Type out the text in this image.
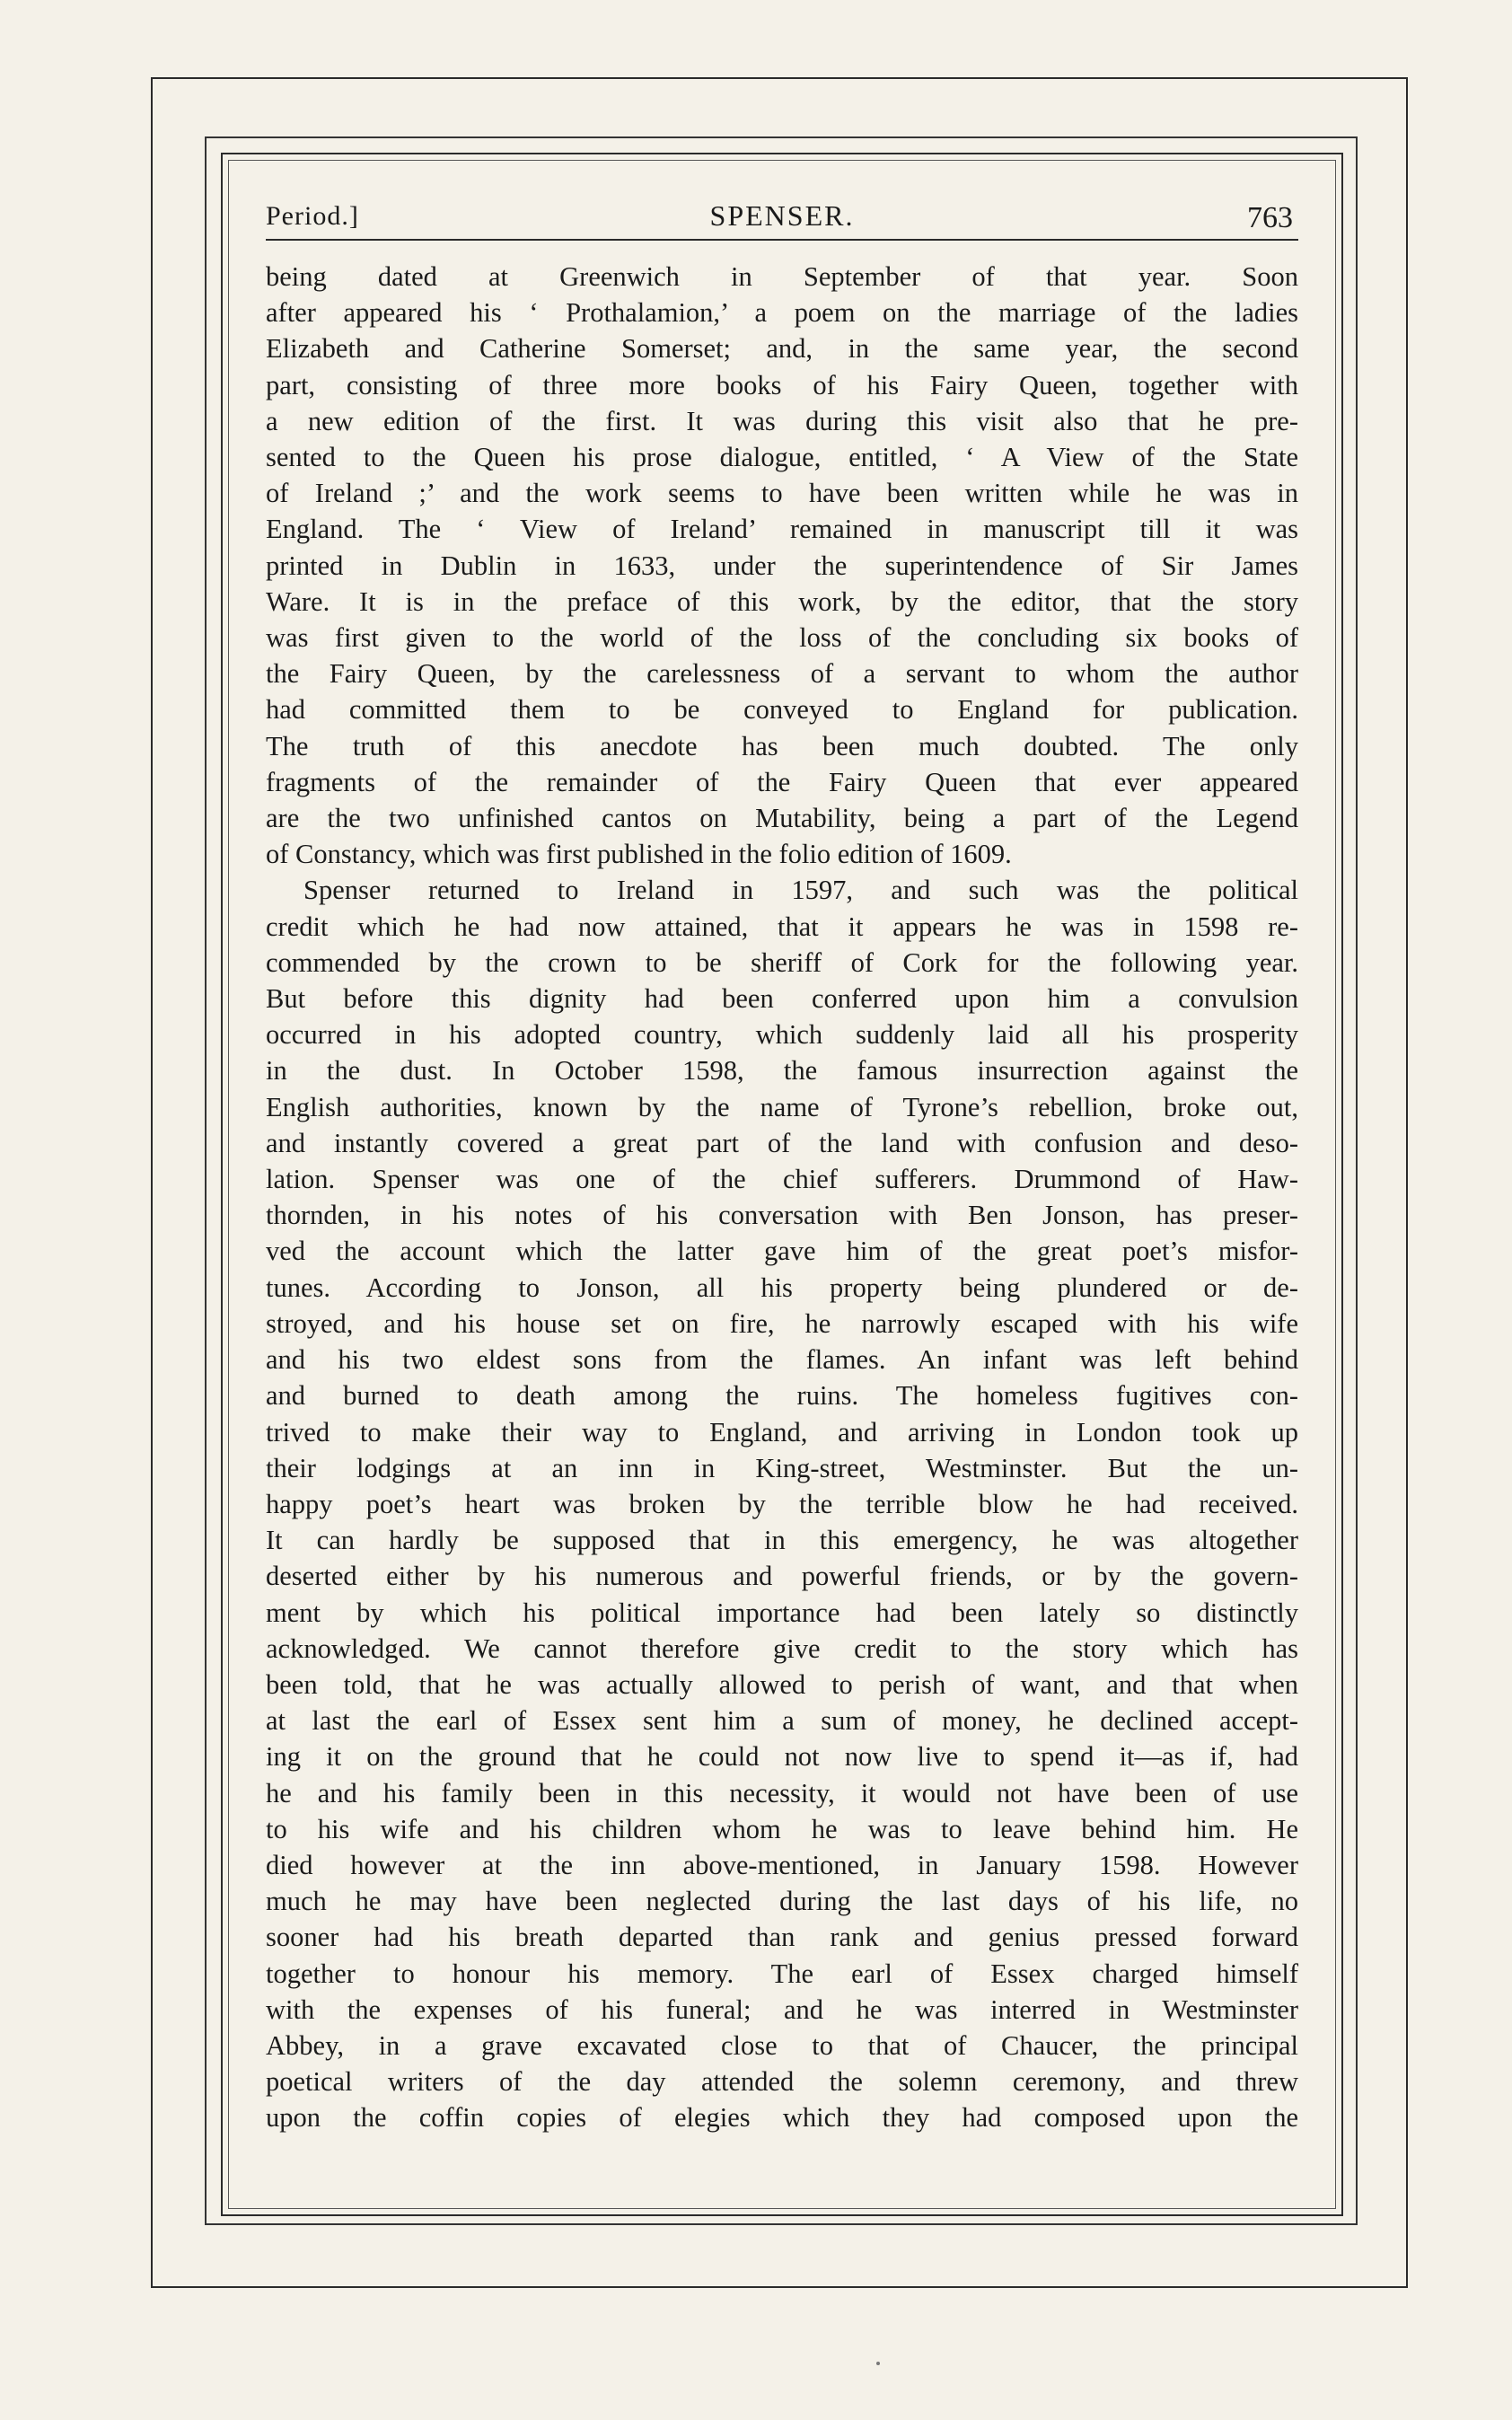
Period.]	SPENSER.	763

being dated at Greenwich in September of that year. Soon

after appeared his ‘ Prothalamion,’ a poem on the marriage of the ladies

Elizabeth and Catherine Somerset; and, in the same year, the second

part, consisting of three more books of his Fairy Queen, together with

a new edition of the first. It was during this visit also that he pre-

sented to the Queen his prose dialogue, entitled, ‘ A View of the State

of Ireland ;’ and the work seems to have been written while he was in

England. The ‘ View of Ireland’ remained in manuscript till it was

printed in Dublin in 1633, under the superintendence of Sir James

Ware. It is in the preface of this work, by the editor, that the story

was first given to the world of the loss of the concluding six books of

the Fairy Queen, by the carelessness of a servant to whom the author

had committed them to be conveyed to England for publication.

The truth of this anecdote has been much doubted. The only

fragments of the remainder of the Fairy Queen that ever appeared

are the two unfinished cantos on Mutability, being a part of the Legend

of Constancy, which was first published in the folio edition of 1609.

Spenser returned to Ireland in 1597, and such was the political

credit which he had now attained, that it appears he was in 1598 re-

commended by the crown to be sheriff of Cork for the following year.

But before this dignity had been conferred upon him a convulsion

occurred in his adopted country, which suddenly laid all his prosperity

in the dust. In October 1598, the famous insurrection against the

English authorities, known by the name of Tyrone’s rebellion, broke out,

and instantly covered a great part of the land with confusion and deso-

lation. Spenser was one of the chief sufferers. Drummond of Haw-

thornden, in his notes of his conversation with Ben Jonson, has preser-

ved the account which the latter gave him of the great poet’s misfor-

tunes. According to Jonson, all his property being plundered or de-

stroyed, and his house set on fire, he narrowly escaped with his wife

and his two eldest sons from the flames. An infant was left behind

and burned to death among the ruins. The homeless fugitives con-

trived to make their way to England, and arriving in London took up

their lodgings at an inn in King-street, Westminster. But the un-

happy poet’s heart was broken by the terrible blow he had received.

It can hardly be supposed that in this emergency, he was altogether

deserted either by his numerous and powerful friends, or by the govern-

ment by which his political importance had been lately so distinctly

acknowledged. We cannot therefore give credit to the story which has

been told, that he was actually allowed to perish of want, and that when

at last the earl of Essex sent him a sum of money, he declined accept-

ing it on the ground that he could not now live to spend it—as if, had

he and his family been in this necessity, it would not have been of use

to his wife and his children whom he was to leave behind him. He

died however at the inn above-mentioned, in January 1598. However

much he may have been neglected during the last days of his life, no

sooner had his breath departed than rank and genius pressed forward

together to honour his memory. The earl of Essex charged himself

with the expenses of his funeral; and he was interred in Westminster

Abbey, in a grave excavated close to that of Chaucer, the principal

poetical writers of the day attended the solemn ceremony, and threw

upon the coffin copies of elegies which they had composed upon the
